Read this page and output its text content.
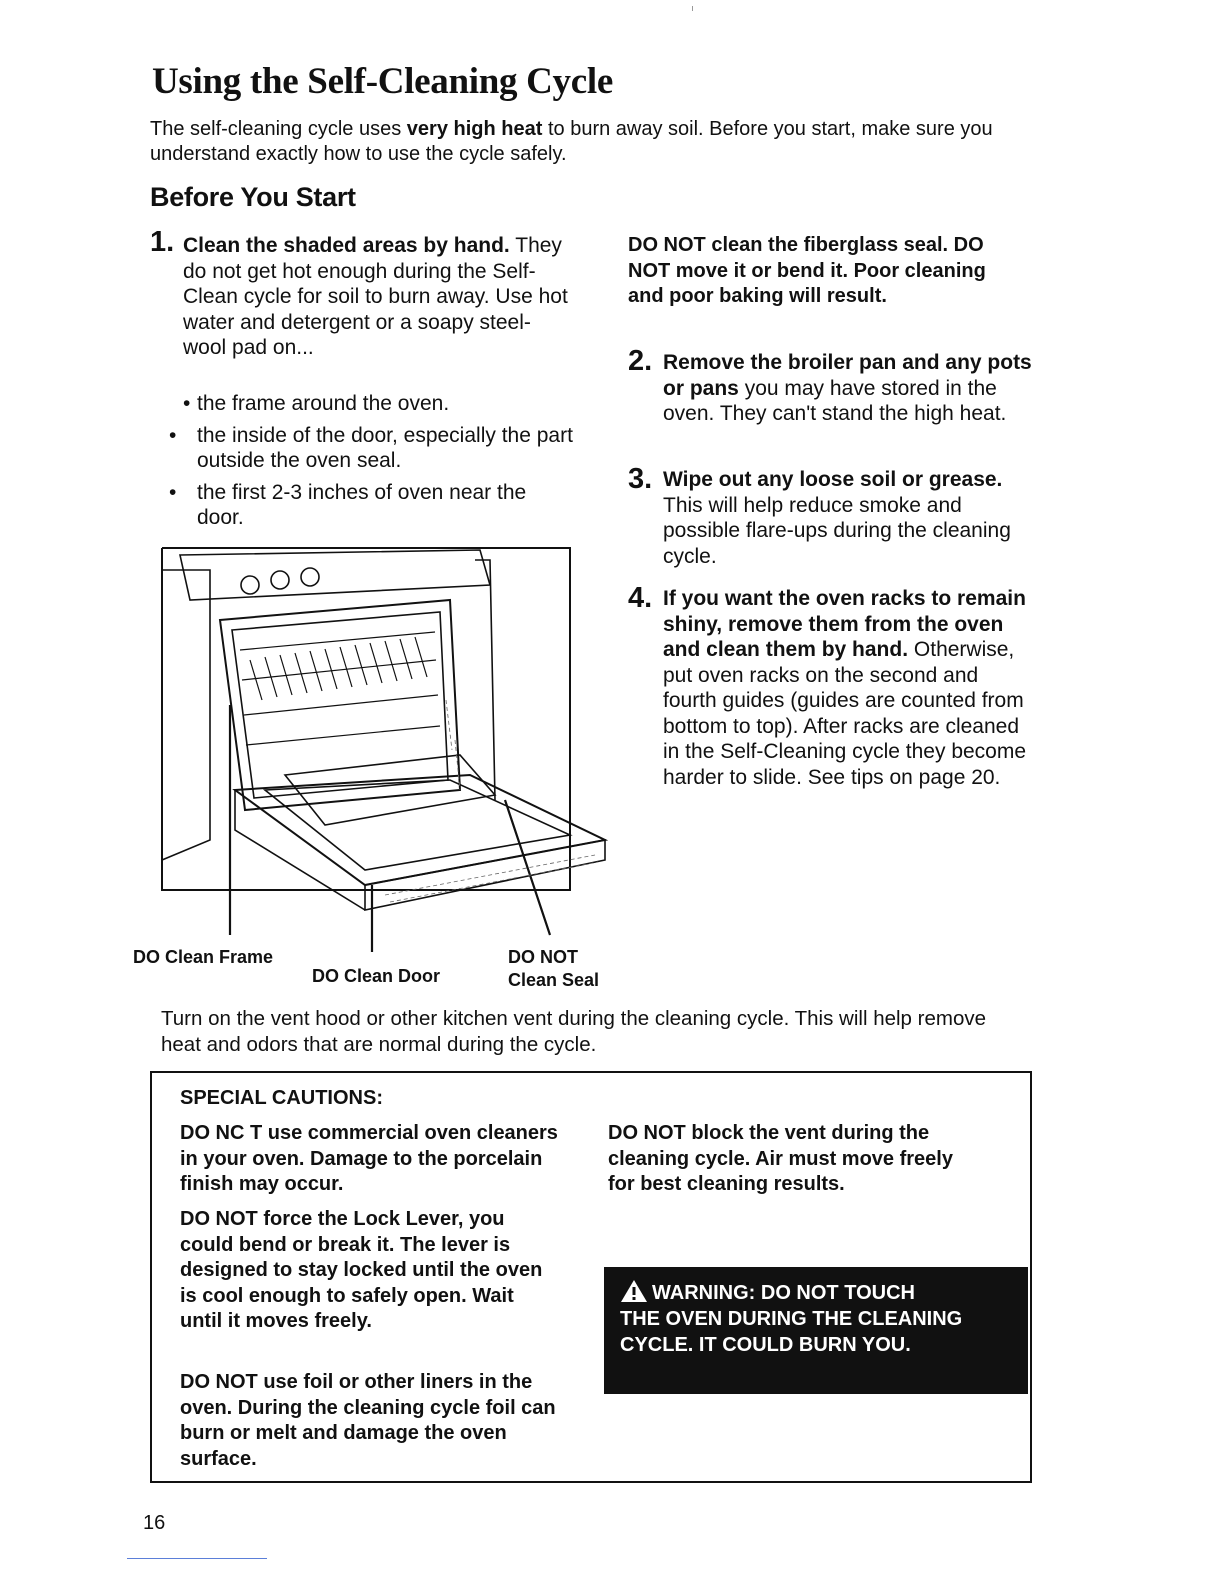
Using the Self-Cleaning Cycle
The self-cleaning cycle uses very high heat to burn away soil. Before you start, make sure you understand exactly how to use the cycle safely.
Before You Start
1. Clean the shaded areas by hand. They do not get hot enough during the Self-Clean cycle for soil to burn away. Use hot water and detergent or a soapy steel-wool pad on...
• the frame around the oven.
• the inside of the door, especially the part outside the oven seal.
• the first 2-3 inches of oven near the door.
DO NOT clean the fiberglass seal. DO NOT move it or bend it. Poor cleaning and poor baking will result.
2. Remove the broiler pan and any pots or pans you may have stored in the oven. They can't stand the high heat.
3. Wipe out any loose soil or grease. This will help reduce smoke and possible flare-ups during the cleaning cycle.
4. If you want the oven racks to remain shiny, remove them from the oven and clean them by hand. Otherwise, put oven racks on the second and fourth guides (guides are counted from bottom to top). After racks are cleaned in the Self-Cleaning cycle they become harder to slide. See tips on page 20.
DO Clean Frame
DO Clean Door
DO NOT
Clean Seal
Turn on the vent hood or other kitchen vent during the cleaning cycle. This will help remove heat and odors that are normal during the cycle.
SPECIAL CAUTIONS:
DO NC T use commercial oven cleaners in your oven. Damage to the porcelain finish may occur.
DO NOT force the Lock Lever, you could bend or break it. The lever is designed to stay locked until the oven is cool enough to safely open. Wait until it moves freely.
DO NOT use foil or other liners in the oven. During the cleaning cycle foil can burn or melt and damage the oven surface.
DO NOT block the vent during the cleaning cycle. Air must move freely for best cleaning results.
WARNING: DO NOT TOUCH
THE OVEN DURING THE CLEANING CYCLE. IT COULD BURN YOU.
16
